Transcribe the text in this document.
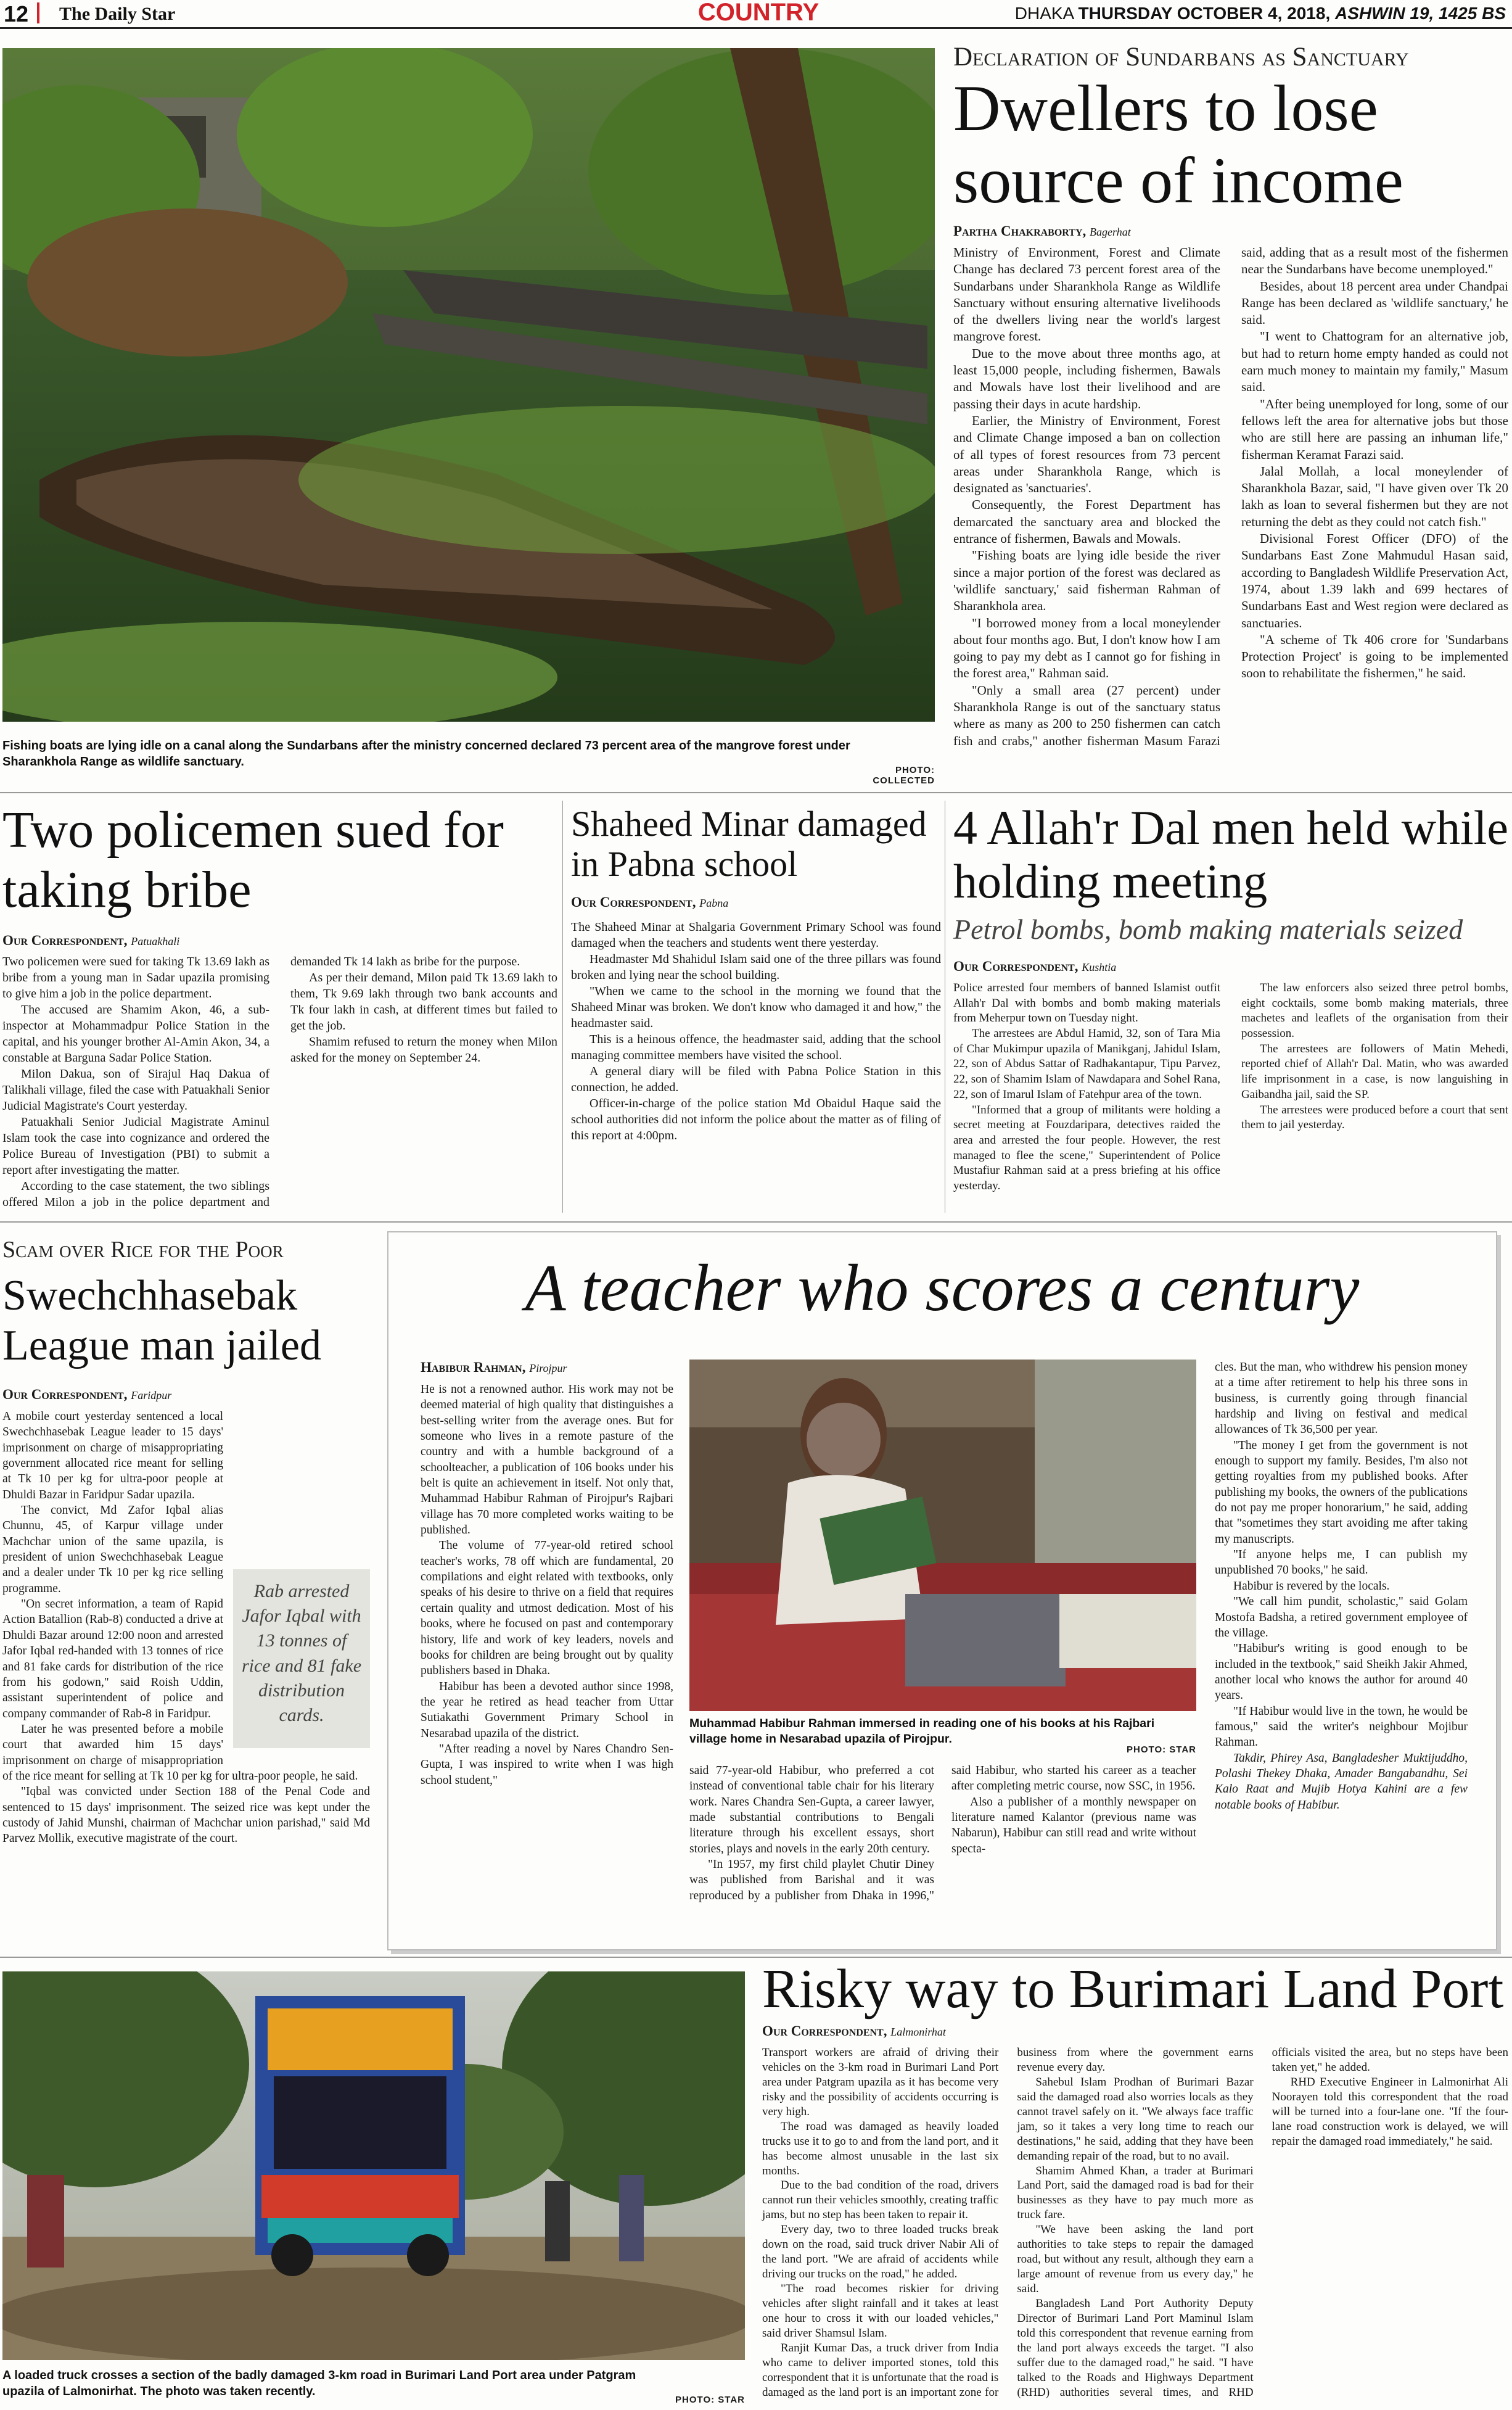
12 The Daily Star	COUNTRY	DHAKA THURSDAY OCTOBER 4, 2018, ASHWIN 19, 1425 BS
Fishing boats are lying idle on a canal along the Sundarbans after the ministry concerned declared 73 percent area of the mangrove forest under Sharankhola Range as wildlife sanctuary.
PHOTO: COLLECTED
Declaration of Sundarbans as Sanctuary
Dwellers to lose source of income
Partha Chakraborty, Bagerhat

Ministry of Environment, Forest and Climate Change has declared 73 percent forest area of the Sundarbans under Sharankhola Range as Wildlife Sanctuary without ensuring alternative livelihoods of the dwellers living near the world's largest mangrove forest.

Due to the move about three months ago, at least 15,000 people, including fishermen, Bawals and Mowals have lost their livelihood and are passing their days in acute hardship.

Earlier, the Ministry of Environment, Forest and Climate Change imposed a ban on collection of all types of forest resources from 73 percent areas under Sharankhola Range, which is designated as 'sanctuaries'.

Consequently, the Forest Department has demarcated the sanctuary area and blocked the entrance of fishermen, Bawals and Mowals.

"Fishing boats are lying idle beside the river since a major portion of the forest was declared as 'wildlife sanctuary,' said fisherman Rahman of Sharankhola area.

"I borrowed money from a local moneylender about four months ago. But, I don't know how I am going to pay my debt as I cannot go for fishing in the forest area," Rahman said.

"Only a small area (27 percent) under Sharankhola Range is out of the sanctuary status where as many as 200 to 250 fishermen can catch fish and crabs," another fisherman Masum Farazi said, adding that as a result most of the fishermen near the Sundarbans have become unemployed."

Besides, about 18 percent area under Chandpai Range has been declared as 'wildlife sanctuary,' he said.

"I went to Chattogram for an alternative job, but had to return home empty handed as could not earn much money to maintain my family," Masum said.

"After being unemployed for long, some of our fellows left the area for alternative jobs but those who are still here are passing an inhuman life," fisherman Keramat Farazi said.

Jalal Mollah, a local moneylender of Sharankhola Bazar, said, "I have given over Tk 20 lakh as loan to several fishermen but they are not returning the debt as they could not catch fish."

Divisional Forest Officer (DFO) of the Sundarbans East Zone Mahmudul Hasan said, according to Bangladesh Wildlife Preservation Act, 1974, about 1.39 lakh and 699 hectares of Sundarbans East and West region were declared as sanctuaries.

"A scheme of Tk 406 crore for 'Sundarbans Protection Project' is going to be implemented soon to rehabilitate the fishermen," he said.

Two policemen sued for taking bribe
Our Correspondent, Patuakhali

Two policemen were sued for taking Tk 13.69 lakh as bribe from a young man in Sadar upazila promising to give him a job in the police department.

The accused are Shamim Akon, 46, a sub-inspector at Mohammadpur Police Station in the capital, and his younger brother Al-Amin Akon, 34, a constable at Barguna Sadar Police Station.

Milon Dakua, son of Sirajul Haq Dakua of Talikhali village, filed the case with Patuakhali Senior Judicial Magistrate's Court yesterday.

Patuakhali Senior Judicial Magistrate Aminul Islam took the case into cognizance and ordered the Police Bureau of Investigation (PBI) to submit a report after investigating the matter.

According to the case statement, the two siblings offered Milon a job in the police department and demanded Tk 14 lakh as bribe for the purpose.

As per their demand, Milon paid Tk 13.69 lakh to them, Tk 9.69 lakh through two bank accounts and Tk four lakh in cash, at different times but failed to get the job.

Shamim refused to return the money when Milon asked for the money on September 24.

Shaheed Minar damaged in Pabna school
Our Correspondent, Pabna

The Shaheed Minar at Shalgaria Government Primary School was found damaged when the teachers and students went there yesterday.

Headmaster Md Shahidul Islam said one of the three pillars was found broken and lying near the school building.

"When we came to the school in the morning we found that the Shaheed Minar was broken. We don't know who damaged it and how," the headmaster said.

This is a heinous offence, the headmaster said, adding that the school managing committee members have visited the school.

A general diary will be filed with Pabna Police Station in this connection, he added.

Officer-in-charge of the police station Md Obaidul Haque said the school authorities did not inform the police about the matter as of filing of this report at 4:00pm.

4 Allah'r Dal men held while holding meeting
Petrol bombs, bomb making materials seized
Our Correspondent, Kushtia

Police arrested four members of banned Islamist outfit Allah'r Dal with bombs and bomb making materials from Meherpur town on Tuesday night.

The arrestees are Abdul Hamid, 32, son of Tara Mia of Char Mukimpur upazila of Manikganj, Jahidul Islam, 22, son of Abdus Sattar of Radhakantapur, Tipu Parvez, 22, son of Shamim Islam of Nawdapara and Sohel Rana, 22, son of Imarul Islam of Fatehpur area of the town.

"Informed that a group of militants were holding a secret meeting at Fouzdaripara, detectives raided the area and arrested the four people. However, the rest managed to flee the scene," Superintendent of Police Mustafiur Rahman said at a press briefing at his office yesterday.

The law enforcers also seized three petrol bombs, eight cocktails, some bomb making materials, three machetes and leaflets of the organisation from their possession.

The arrestees are followers of Matin Mehedi, reported chief of Allah'r Dal. Matin, who was awarded life imprisonment in a case, is now languishing in Gaibandha jail, said the SP.

The arrestees were produced before a court that sent them to jail yesterday.

Scam over Rice for the Poor
Swechchhasebak League man jailed
Our Correspondent, Faridpur
Rab arrested Jafor Iqbal with 13 tonnes of rice and 81 fake distribution cards.

A mobile court yesterday sentenced a local Swechchhasebak League leader to 15 days' imprisonment on charge of misappropriating government allocated rice meant for selling at Tk 10 per kg for ultra-poor people at Dhuldi Bazar in Faridpur Sadar upazila.

The convict, Md Zafor Iqbal alias Chunnu, 45, of Karpur village under Machchar union of the same upazila, is president of union Swechchhasebak League and a dealer under Tk 10 per kg rice selling programme.

"On secret information, a team of Rapid Action Batallion (Rab-8) conducted a drive at Dhuldi Bazar around 12:00 noon and arrested Jafor Iqbal red-handed with 13 tonnes of rice and 81 fake cards for distribution of the rice from his godown," said Roish Uddin, assistant superintendent of police and company commander of Rab-8 in Faridpur.

Later he was presented before a mobile court that awarded him 15 days' imprisonment on charge of misappropriation of the rice meant for selling at Tk 10 per kg for ultra-poor people, he said.

"Iqbal was convicted under Section 188 of the Penal Code and sentenced to 15 days' imprisonment. The seized rice was kept under the custody of Jahid Munshi, chairman of Machchar union parishad," said Md Parvez Mollik, executive magistrate of the court.

A teacher who scores a century
Habibur Rahman, Pirojpur

He is not a renowned author. His work may not be deemed material of high quality that distinguishes a best-selling writer from the average ones. But for someone who lives in a remote pasture of the country and with a humble background of a schoolteacher, a publication of 106 books under his belt is quite an achievement in itself. Not only that, Muhammad Habibur Rahman of Pirojpur's Rajbari village has 70 more completed works waiting to be published.

The volume of 77-year-old retired school teacher's works, 78 off which are fundamental, 20 compilations and eight related with textbooks, only speaks of his desire to thrive on a field that requires certain quality and utmost dedication. Most of his books, where he focused on past and contemporary history, life and work of key leaders, novels and books for children are being brought out by quality publishers based in Dhaka.

Habibur has been a devoted author since 1998, the year he retired as head teacher from Uttar Sutiakathi Government Primary School in Nesarabad upazila of the district.

"After reading a novel by Nares Chandro Sen-Gupta, I was inspired to write when I was high school student,"

Muhammad Habibur Rahman immersed in reading one of his books at his Rajbari village home in Nesarabad upazila of Pirojpur.
PHOTO: STAR

said 77-year-old Habibur, who preferred a cot instead of conventional table chair for his literary work. Nares Chandra Sen-Gupta, a career lawyer, made substantial contributions to Bengali literature through his excellent essays, short stories, plays and novels in the early 20th century.

"In 1957, my first child playlet Chutir Diney was published from Barishal and it was reproduced by a publisher from Dhaka in 1996," said Habibur, who started his career as a teacher after completing metric course, now SSC, in 1956.

Also a publisher of a monthly newspaper on literature named Kalantor (previous name was Nabarun), Habibur can still read and write without specta-

cles. But the man, who withdrew his pension money at a time after retirement to help his three sons in business, is currently going through financial hardship and living on festival and medical allowances of Tk 36,500 per year.

"The money I get from the government is not enough to support my family. Besides, I'm also not getting royalties from my published books. After publishing my books, the owners of the publications do not pay me proper honorarium," he said, adding that "sometimes they start avoiding me after taking my manuscripts.

"If anyone helps me, I can publish my unpublished 70 books," he said.

Habibur is revered by the locals.

"We call him pundit, scholastic," said Golam Mostofa Badsha, a retired government employee of the village.

"Habibur's writing is good enough to be included in the textbook," said Sheikh Jakir Ahmed, another local who knows the author for around 40 years.

"If Habibur would live in the town, he would be famous," said the writer's neighbour Mojibur Rahman.

Takdir, Phirey Asa, Bangladesher Muktijuddho, Polashi Thekey Dhaka, Amader Bangabandhu, Sei Kalo Raat and Mujib Hotya Kahini are a few notable books of Habibur.

A loaded truck crosses a section of the badly damaged 3-km road in Burimari Land Port area under Patgram upazila of Lalmonirhat. The photo was taken recently.
PHOTO: STAR
Risky way to Burimari Land Port
Our Correspondent, Lalmonirhat

Transport workers are afraid of driving their vehicles on the 3-km road in Burimari Land Port area under Patgram upazila as it has become very risky and the possibility of accidents occurring is very high.

The road was damaged as heavily loaded trucks use it to go to and from the land port, and it has become almost unusable in the last six months.

Due to the bad condition of the road, drivers cannot run their vehicles smoothly, creating traffic jams, but no step has been taken to repair it.

Every day, two to three loaded trucks break down on the road, said truck driver Nabir Ali of the land port. "We are afraid of accidents while driving our trucks on the road," he added.

"The road becomes riskier for driving vehicles after slight rainfall and it takes at least one hour to cross it with our loaded vehicles," said driver Shamsul Islam.

Ranjit Kumar Das, a truck driver from India who came to deliver imported stones, told this correspondent that it is unfortunate that the road is damaged as the land port is an important zone for business from where the government earns revenue every day.

Sahebul Islam Prodhan of Burimari Bazar said the damaged road also worries locals as they cannot travel safely on it. "We always face traffic jam, so it takes a very long time to reach our destinations," he said, adding that they have been demanding repair of the road, but to no avail.

Shamim Ahmed Khan, a trader at Burimari Land Port, said the damaged road is bad for their businesses as they have to pay much more as truck fare.

"We have been asking the land port authorities to take steps to repair the damaged road, but without any result, although they earn a large amount of revenue from us every day," he said.

Bangladesh Land Port Authority Deputy Director of Burimari Land Port Maminul Islam told this correspondent that revenue earning from the land port always exceeds the target. "I also suffer due to the damaged road," he said. "I have talked to the Roads and Highways Department (RHD) authorities several times, and RHD officials visited the area, but no steps have been taken yet," he added.

RHD Executive Engineer in Lalmonirhat Ali Noorayen told this correspondent that the road will be turned into a four-lane one. "If the four-lane road construction work is delayed, we will repair the damaged road immediately," he said.
